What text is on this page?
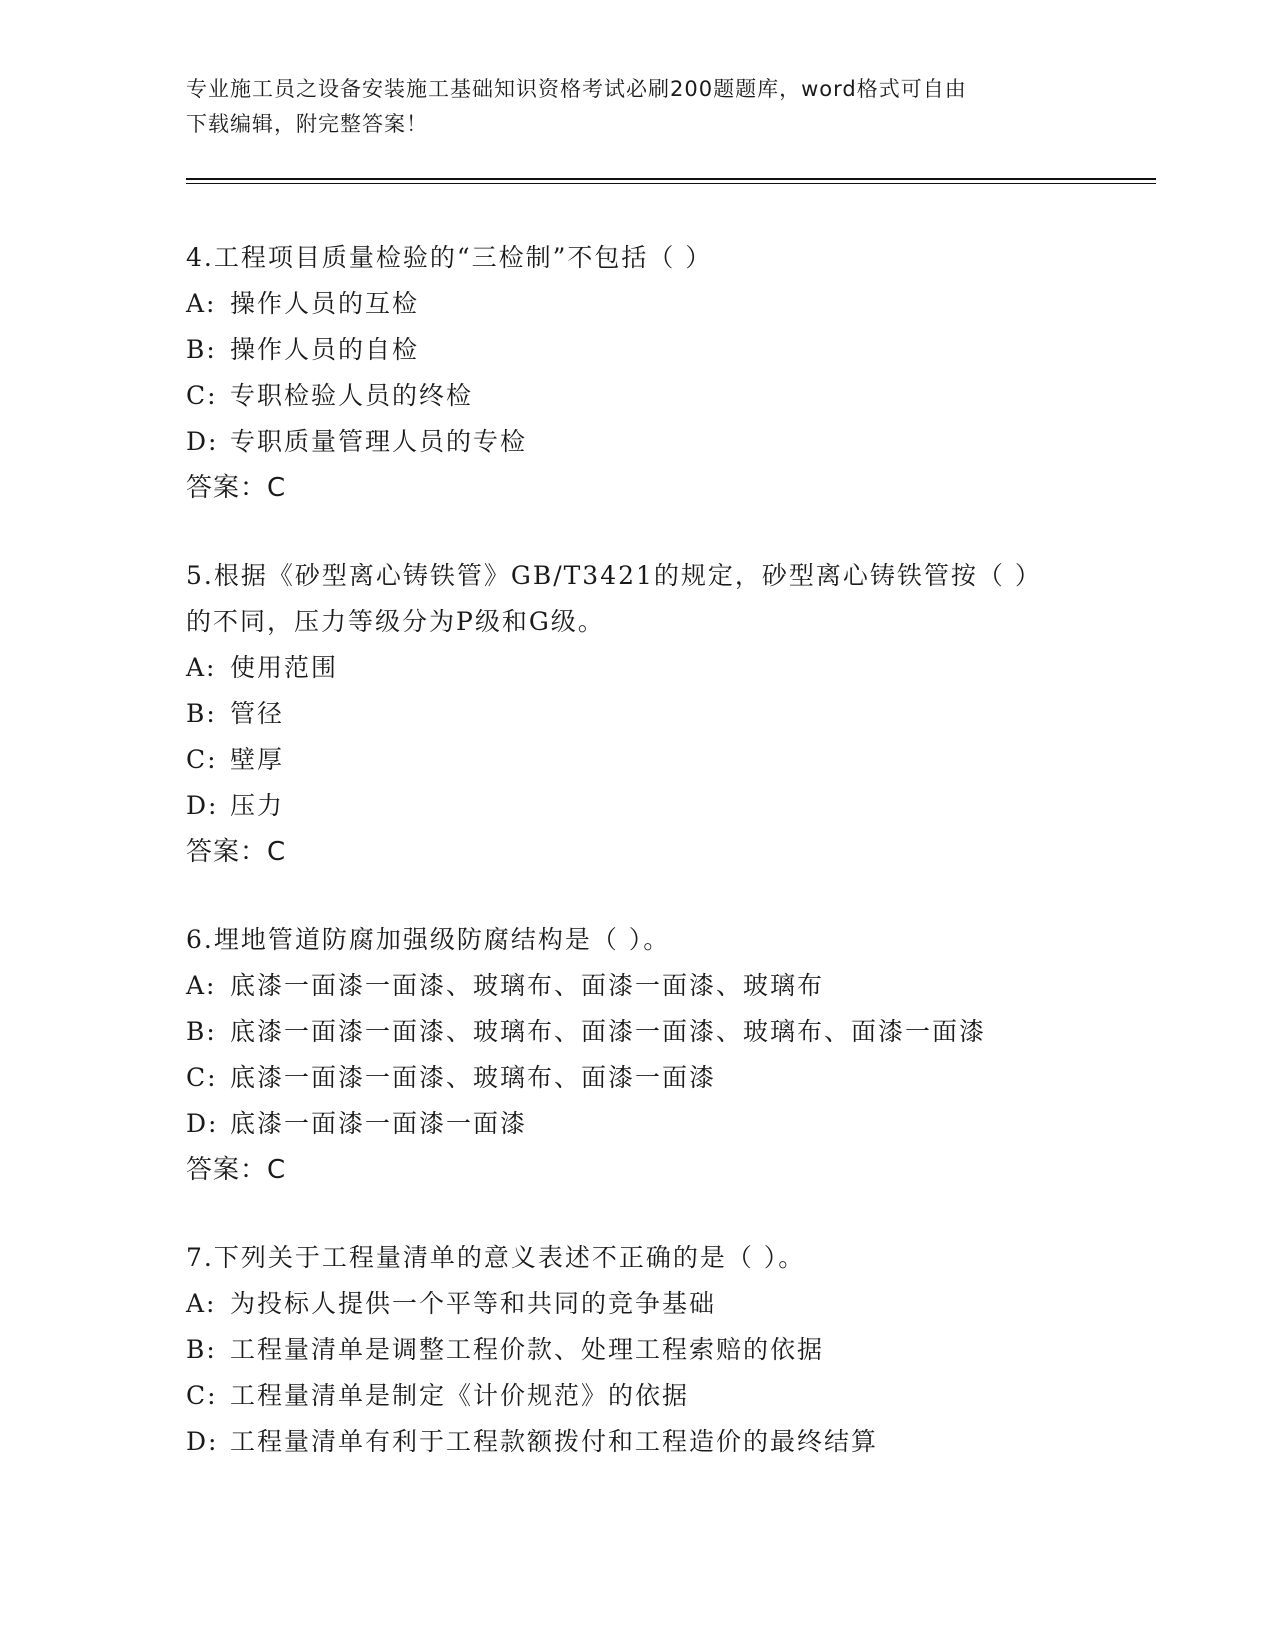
专业施工员之设备安装施工基础知识资格考试必刷200题题库，word格式可自由
下载编辑，附完整答案！
4.工程项目质量检验的“三检制”不包括（ ）
A: 操作人员的互检
B: 操作人员的自检
C: 专职检验人员的终检
D: 专职质量管理人员的专检
答案：C
5.根据《砂型离心铸铁管》GB/T3421的规定，砂型离心铸铁管按（ ）
的不同，压力等级分为P级和G级。
A: 使用范围
B: 管径
C: 壁厚
D: 压力
答案：C
6.埋地管道防腐加强级防腐结构是（ ）。
A: 底漆一面漆一面漆、玻璃布、面漆一面漆、玻璃布
B: 底漆一面漆一面漆、玻璃布、面漆一面漆、玻璃布、面漆一面漆
C: 底漆一面漆一面漆、玻璃布、面漆一面漆
D: 底漆一面漆一面漆一面漆
答案：C
7.下列关于工程量清单的意义表述不正确的是（ ）。
A: 为投标人提供一个平等和共同的竞争基础
B: 工程量清单是调整工程价款、处理工程索赔的依据
C: 工程量清单是制定《计价规范》的依据
D: 工程量清单有利于工程款额拨付和工程造价的最终结算
